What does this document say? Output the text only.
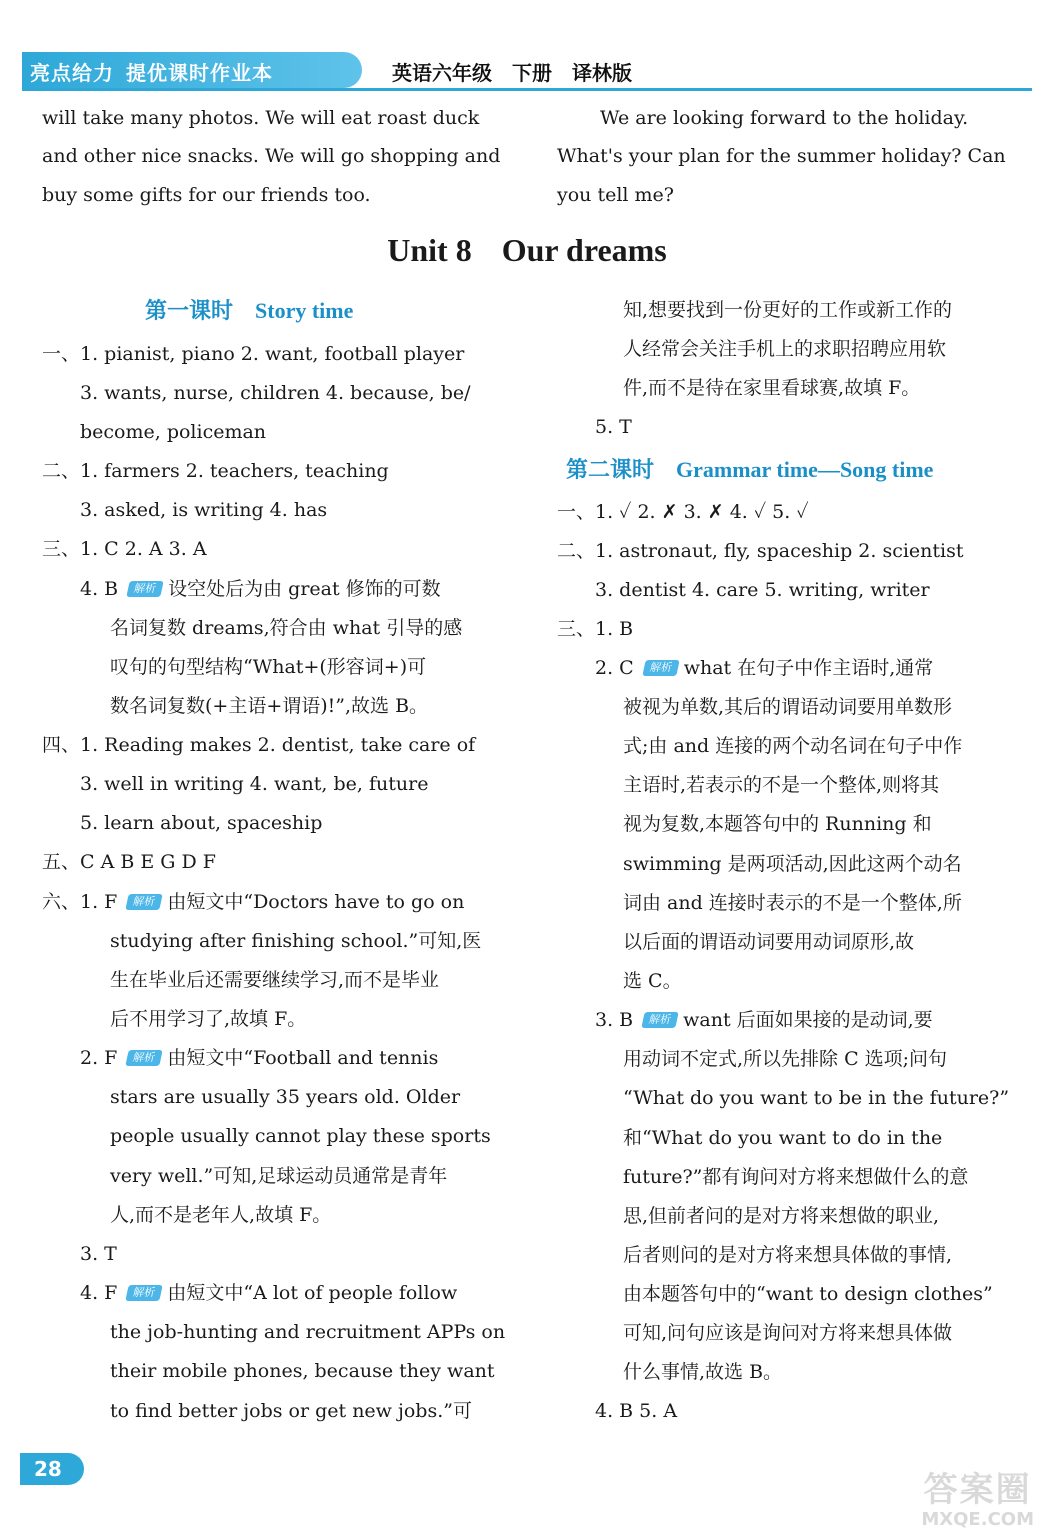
亮点给力 提优课时作业本	英语六年级 下册 译林版
will take many photos. We will eat roast duck
and other nice snacks. We will go shopping and
buy some gifts for our friends too.
We are looking forward to the holiday.
What's your plan for the summer holiday? Can
you tell me?
Unit 8 Our dreams
第一课时 Story time
一、1. pianist, piano 2. want, football player
3. wants, nurse, children 4. because, be/
become, policeman
二、1. farmers 2. teachers, teaching
3. asked, is writing 4. has
三、1. C 2. A 3. A
4. B 解析 设空处后为由 great 修饰的可数
名词复数 dreams,符合由 what 引导的感
叹句的句型结构“What+(形容词+)可
数名词复数(+主语+谓语)!”,故选 B。
四、1. Reading makes 2. dentist, take care of
3. well in writing 4. want, be, future
5. learn about, spaceship
五、C A B E G D F
六、1. F 解析 由短文中“Doctors have to go on
studying after finishing school.”可知,医
生在毕业后还需要继续学习,而不是毕业
后不用学习了,故填 F。
2. F 解析 由短文中“Football and tennis
stars are usually 35 years old. Older
people usually cannot play these sports
very well.”可知,足球运动员通常是青年
人,而不是老年人,故填 F。
3. T
4. F 解析 由短文中“A lot of people follow
the job-hunting and recruitment APPs on
their mobile phones, because they want
to find better jobs or get new jobs.”可
知,想要找到一份更好的工作或新工作的
人经常会关注手机上的求职招聘应用软
件,而不是待在家里看球赛,故填 F。
5. T
第二课时 Grammar time—Song time
一、1. ✓ 2. ✗ 3. ✗ 4. ✓ 5. ✓
二、1. astronaut, fly, spaceship 2. scientist
3. dentist 4. care 5. writing, writer
三、1. B
2. C 解析 what 在句子中作主语时,通常
被视为单数,其后的谓语动词要用单数形
式;由 and 连接的两个动名词在句子中作
主语时,若表示的不是一个整体,则将其
视为复数,本题答句中的 Running 和
swimming 是两项活动,因此这两个动名
词由 and 连接时表示的不是一个整体,所
以后面的谓语动词要用动词原形,故
选 C。
3. B 解析 want 后面如果接的是动词,要
用动词不定式,所以先排除 C 选项;问句
“What do you want to be in the future?”
和“What do you want to do in the
future?”都有询问对方将来想做什么的意
思,但前者问的是对方将来想做的职业,
后者则问的是对方将来想具体做的事情,
由本题答句中的“want to design clothes”
可知,问句应该是询问对方将来想具体做
什么事情,故选 B。
4. B 5. A
28
答案圈
MXQE.COM
